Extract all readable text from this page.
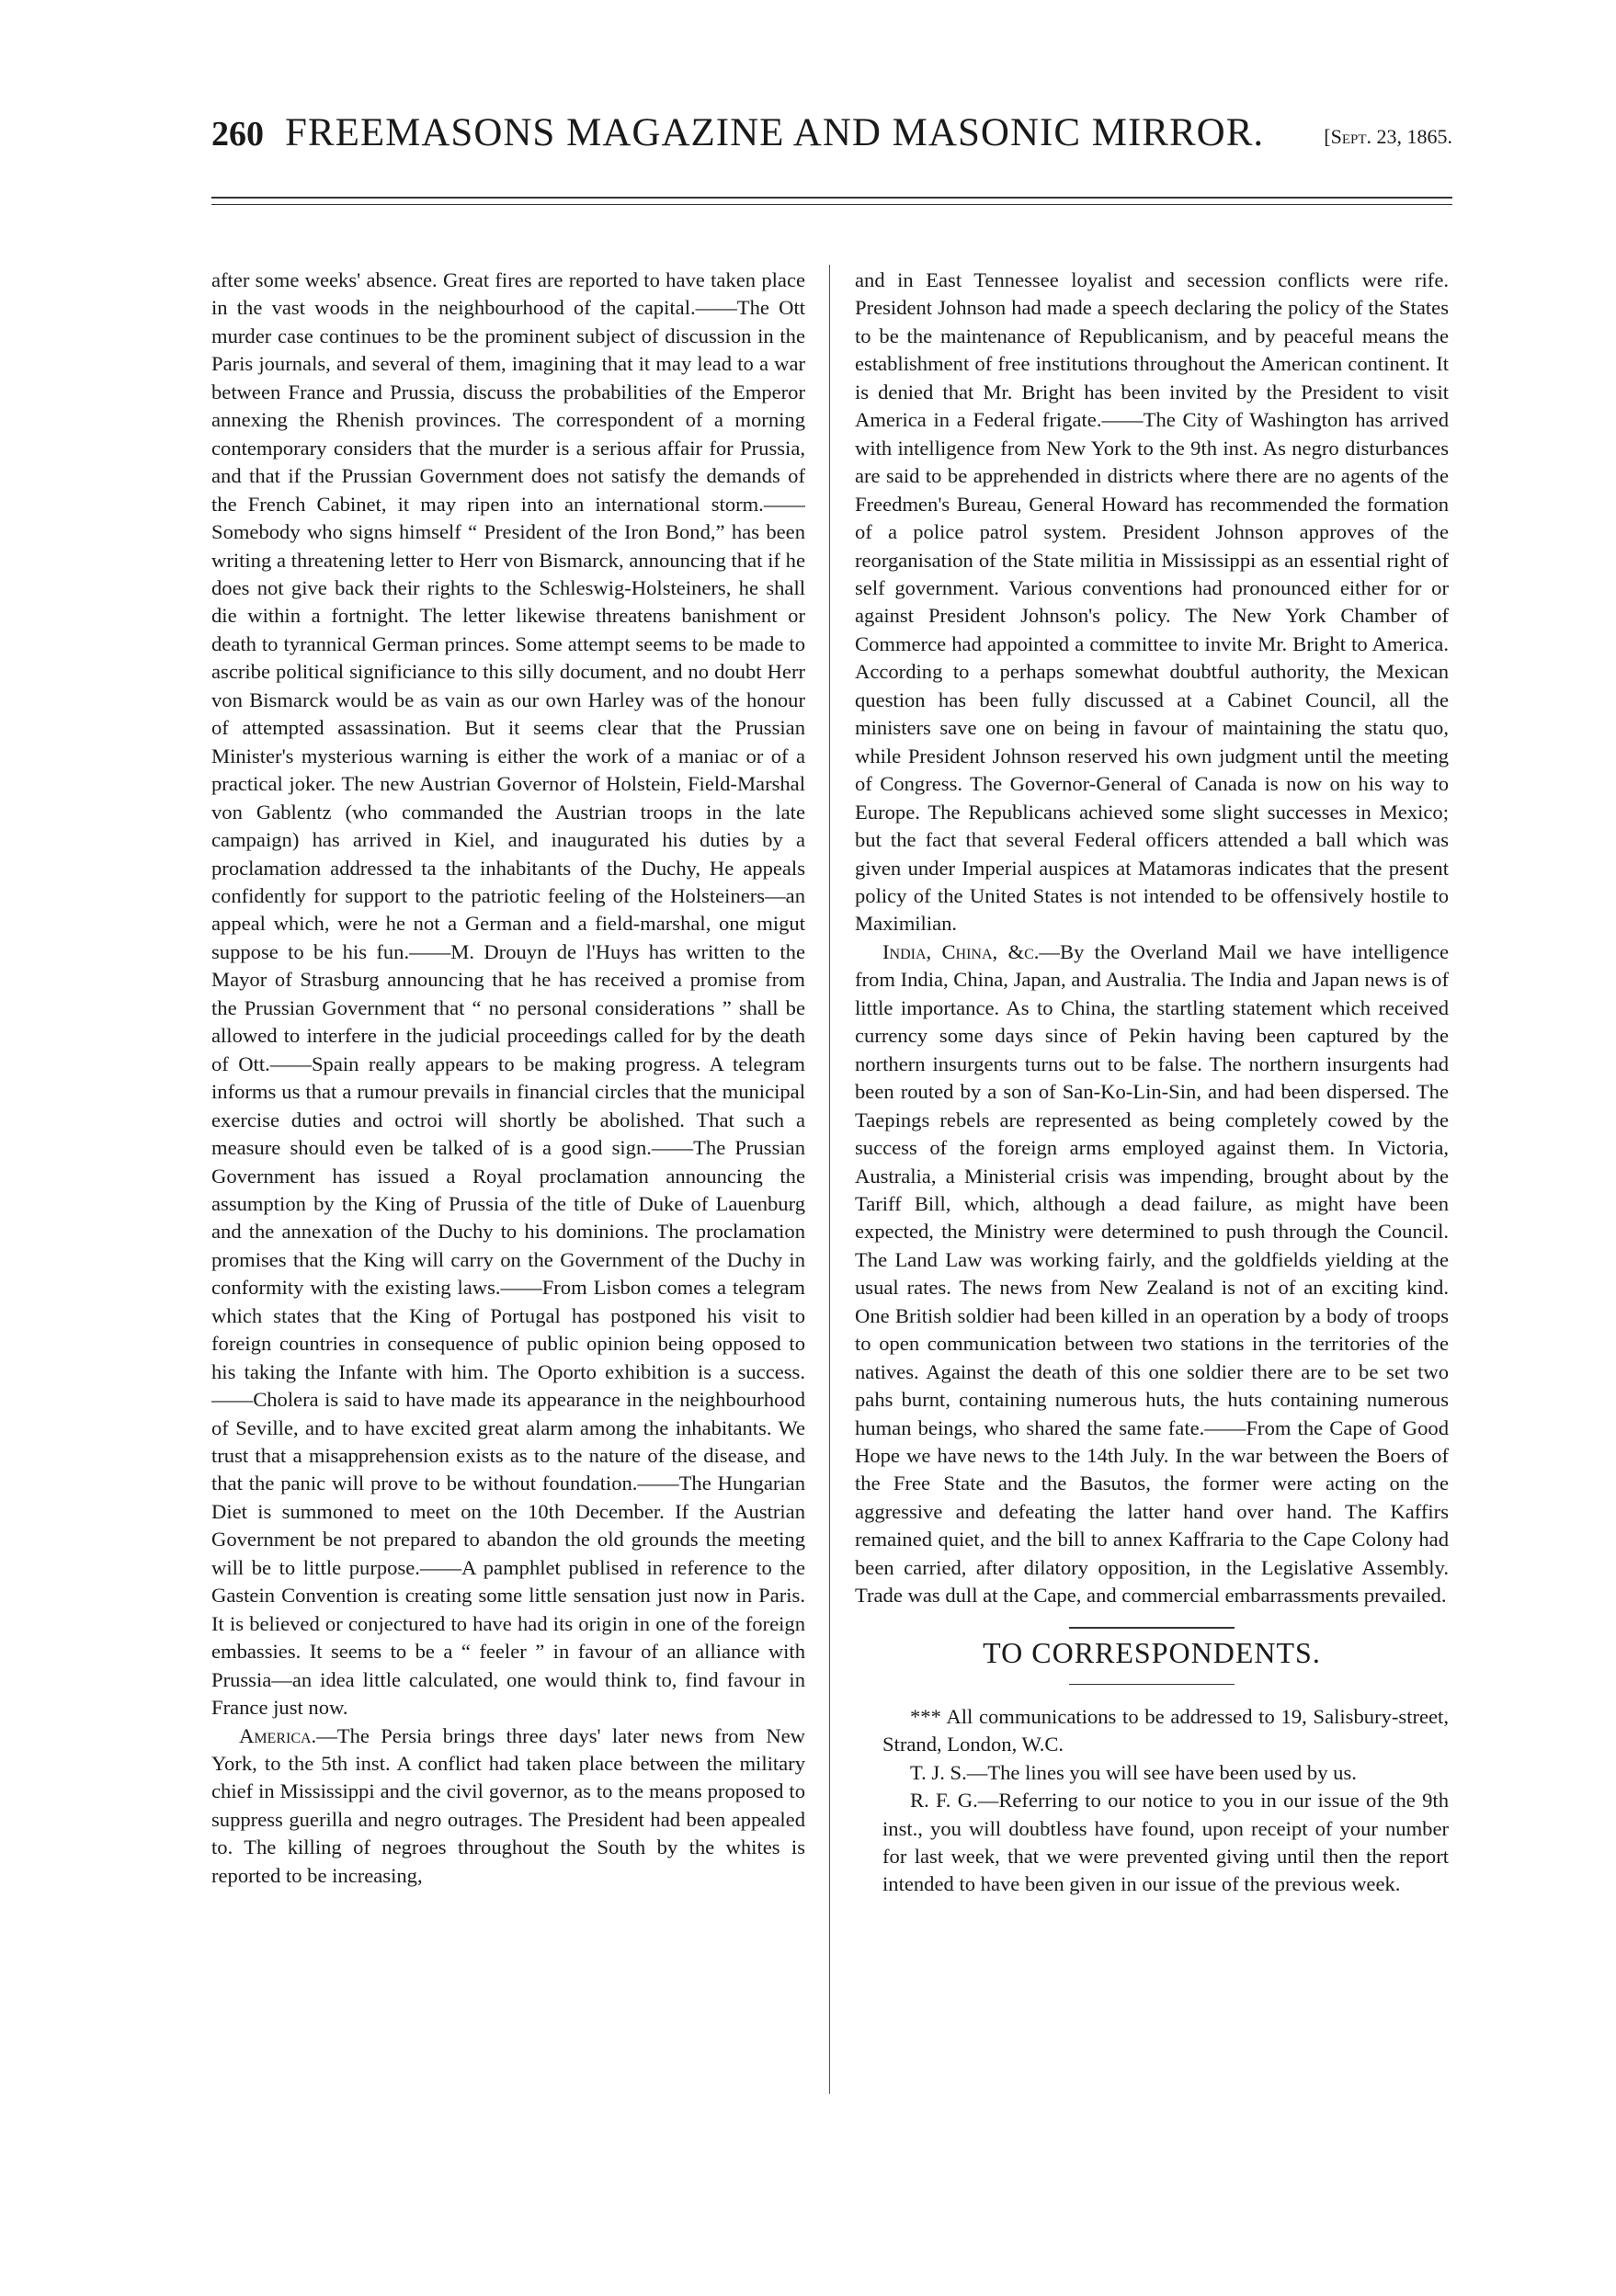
260 FREEMASONS MAGAZINE AND MASONIC MIRROR.	[Sept. 23, 1865.

after some weeks' absence. Great fires are reported to have taken place in the vast woods in the neighbourhood of the capital.——The Ott murder case continues to be the prominent subject of discussion in the Paris journals, and several of them, imagining that it may lead to a war between France and Prussia, discuss the probabilities of the Emperor annexing the Rhenish provinces. The correspondent of a morning contemporary considers that the murder is a serious affair for Prussia, and that if the Prussian Government does not satisfy the demands of the French Cabinet, it may ripen into an international storm.——Somebody who signs himself “ President of the Iron Bond,” has been writing a threatening letter to Herr von Bismarck, announcing that if he does not give back their rights to the Schleswig-Holsteiners, he shall die within a fortnight. The letter likewise threatens banishment or death to tyrannical German princes. Some attempt seems to be made to ascribe political significiance to this silly document, and no doubt Herr von Bismarck would be as vain as our own Harley was of the honour of attempted assassination. But it seems clear that the Prussian Minister's mysterious warning is either the work of a maniac or of a practical joker. The new Austrian Governor of Holstein, Field-Marshal von Gablentz (who commanded the Austrian troops in the late campaign) has arrived in Kiel, and inaugurated his duties by a proclamation addressed ta the inhabitants of the Duchy, He appeals confidently for support to the patriotic feeling of the Holsteiners—an appeal which, were he not a German and a field-marshal, one migut suppose to be his fun.——M. Drouyn de l'Huys has written to the Mayor of Strasburg announcing that he has received a promise from the Prussian Government that “ no personal considerations ” shall be allowed to interfere in the judicial proceedings called for by the death of Ott.——Spain really appears to be making progress. A telegram informs us that a rumour prevails in financial circles that the municipal exercise duties and octroi will shortly be abolished. That such a measure should even be talked of is a good sign.——The Prussian Government has issued a Royal proclamation announcing the assumption by the King of Prussia of the title of Duke of Lauenburg and the annexation of the Duchy to his dominions. The proclamation promises that the King will carry on the Government of the Duchy in conformity with the existing laws.——From Lisbon comes a telegram which states that the King of Portugal has postponed his visit to foreign countries in consequence of public opinion being opposed to his taking the Infante with him. The Oporto exhibition is a success.——Cholera is said to have made its appearance in the neighbourhood of Seville, and to have excited great alarm among the inhabitants. We trust that a misapprehension exists as to the nature of the disease, and that the panic will prove to be without foundation.——The Hungarian Diet is summoned to meet on the 10th December. If the Austrian Government be not prepared to abandon the old grounds the meeting will be to little purpose.——A pamphlet publised in reference to the Gastein Convention is creating some little sensation just now in Paris. It is believed or conjectured to have had its origin in one of the foreign embassies. It seems to be a “ feeler ” in favour of an alliance with Prussia—an idea little calculated, one would think to, find favour in France just now.

America.—The Persia brings three days' later news from New York, to the 5th inst. A conflict had taken place between the military chief in Mississippi and the civil governor, as to the means proposed to suppress guerilla and negro outrages. The President had been appealed to. The killing of negroes throughout the South by the whites is reported to be increasing,

and in East Tennessee loyalist and secession conflicts were rife. President Johnson had made a speech declaring the policy of the States to be the maintenance of Republicanism, and by peaceful means the establishment of free institutions throughout the American continent. It is denied that Mr. Bright has been invited by the President to visit America in a Federal frigate.——The City of Washington has arrived with intelligence from New York to the 9th inst. As negro disturbances are said to be apprehended in districts where there are no agents of the Freedmen's Bureau, General Howard has recommended the formation of a police patrol system. President Johnson approves of the reorganisation of the State militia in Mississippi as an essential right of self government. Various conventions had pronounced either for or against President Johnson's policy. The New York Chamber of Commerce had appointed a committee to invite Mr. Bright to America. According to a perhaps somewhat doubtful authority, the Mexican question has been fully discussed at a Cabinet Council, all the ministers save one on being in favour of maintaining the statu quo, while President Johnson reserved his own judgment until the meeting of Congress. The Governor-General of Canada is now on his way to Europe. The Republicans achieved some slight successes in Mexico; but the fact that several Federal officers attended a ball which was given under Imperial auspices at Matamoras indicates that the present policy of the United States is not intended to be offensively hostile to Maximilian.

India, China, &c.—By the Overland Mail we have intelligence from India, China, Japan, and Australia. The India and Japan news is of little importance. As to China, the startling statement which received currency some days since of Pekin having been captured by the northern insurgents turns out to be false. The northern insurgents had been routed by a son of San-Ko-Lin-Sin, and had been dispersed. The Taepings rebels are represented as being completely cowed by the success of the foreign arms employed against them. In Victoria, Australia, a Ministerial crisis was impending, brought about by the Tariff Bill, which, although a dead failure, as might have been expected, the Ministry were determined to push through the Council. The Land Law was working fairly, and the goldfields yielding at the usual rates. The news from New Zealand is not of an exciting kind. One British soldier had been killed in an operation by a body of troops to open communication between two stations in the territories of the natives. Against the death of this one soldier there are to be set two pahs burnt, containing numerous huts, the huts containing numerous human beings, who shared the same fate.——From the Cape of Good Hope we have news to the 14th July. In the war between the Boers of the Free State and the Basutos, the former were acting on the aggressive and defeating the latter hand over hand. The Kaffirs remained quiet, and the bill to annex Kaffraria to the Cape Colony had been carried, after dilatory opposition, in the Legislative Assembly. Trade was dull at the Cape, and commercial embarrassments prevailed.

TO CORRESPONDENTS.

*** All communications to be addressed to 19, Salisbury-street, Strand, London, W.C.

T. J. S.—The lines you will see have been used by us.

R. F. G.—Referring to our notice to you in our issue of the 9th inst., you will doubtless have found, upon receipt of your number for last week, that we were prevented giving until then the report intended to have been given in our issue of the previous week.
